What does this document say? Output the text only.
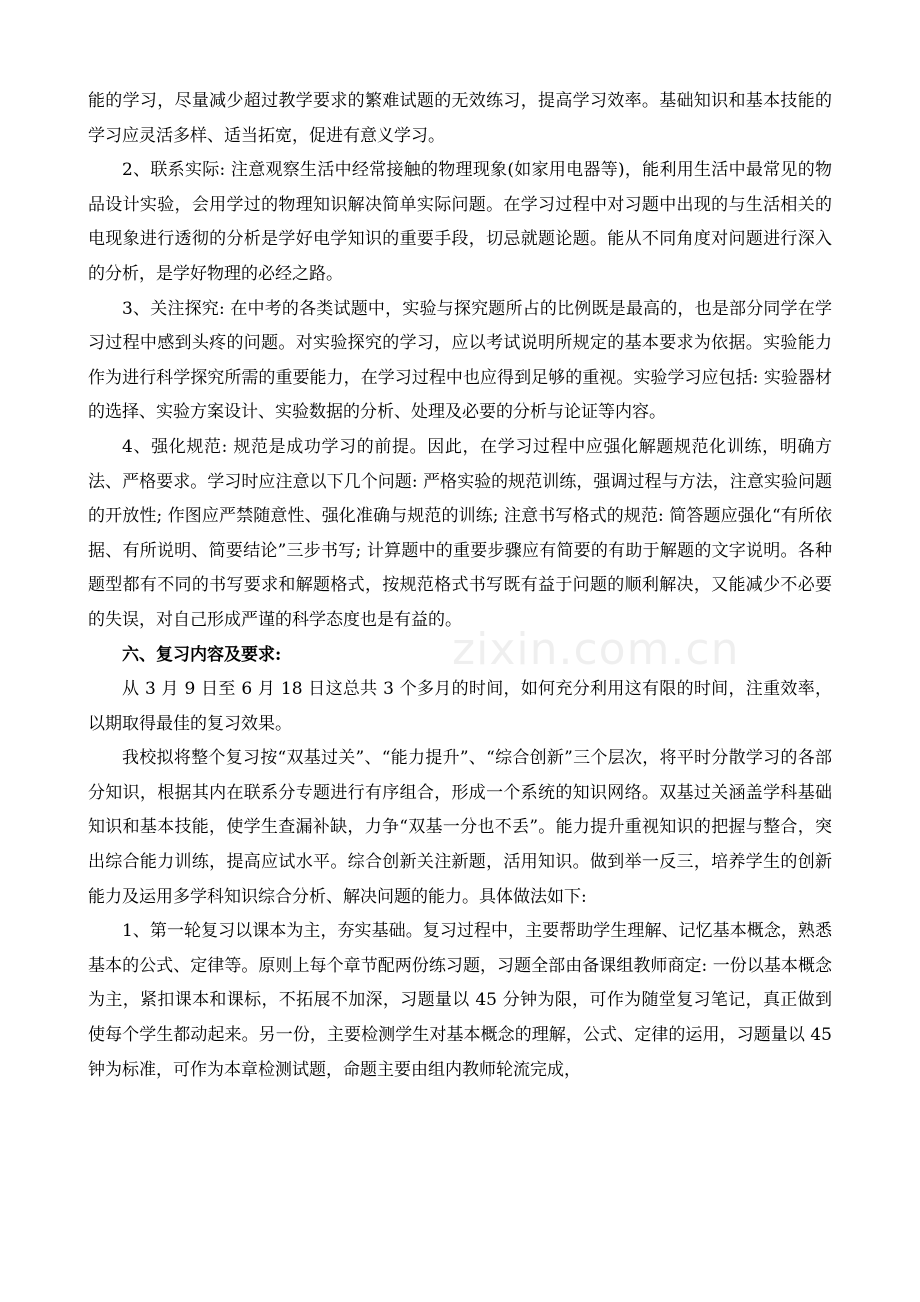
能的学习，尽量减少超过教学要求的繁难试题的无效练习，提高学习效率。基础知识和基本技能的学习应灵活多样、适当拓宽，促进有意义学习。

2、联系实际: 注意观察生活中经常接触的物理现象(如家用电器等)，能利用生活中最常见的物品设计实验，会用学过的物理知识解决简单实际问题。在学习过程中对习题中出现的与生活相关的电现象进行透彻的分析是学好电学知识的重要手段，切忌就题论题。能从不同角度对问题进行深入的分析，是学好物理的必经之路。

3、关注探究: 在中考的各类试题中，实验与探究题所占的比例既是最高的，也是部分同学在学习过程中感到头疼的问题。对实验探究的学习，应以考试说明所规定的基本要求为依据。实验能力作为进行科学探究所需的重要能力，在学习过程中也应得到足够的重视。实验学习应包括: 实验器材的选择、实验方案设计、实验数据的分析、处理及必要的分析与论证等内容。

4、强化规范: 规范是成功学习的前提。因此，在学习过程中应强化解题规范化训练，明确方法、严格要求。学习时应注意以下几个问题: 严格实验的规范训练，强调过程与方法，注意实验问题的开放性; 作图应严禁随意性、强化准确与规范的训练; 注意书写格式的规范: 简答题应强化“有所依据、有所说明、简要结论”三步书写; 计算题中的重要步骤应有简要的有助于解题的文字说明。各种题型都有不同的书写要求和解题格式，按规范格式书写既有益于问题的顺利解决，又能减少不必要的失误，对自己形成严谨的科学态度也是有益的。

六、复习内容及要求:

从 3 月 9 日至 6 月 18 日这总共 3 个多月的时间，如何充分利用这有限的时间，注重效率，以期取得最佳的复习效果。

我校拟将整个复习按“双基过关”、“能力提升”、“综合创新”三个层次，将平时分散学习的各部分知识，根据其内在联系分专题进行有序组合，形成一个系统的知识网络。双基过关涵盖学科基础知识和基本技能，使学生查漏补缺，力争“双基一分也不丢”。能力提升重视知识的把握与整合，突出综合能力训练，提高应试水平。综合创新关注新题，活用知识。做到举一反三，培养学生的创新能力及运用多学科知识综合分析、解决问题的能力。具体做法如下:

1、第一轮复习以课本为主，夯实基础。复习过程中，主要帮助学生理解、记忆基本概念，熟悉基本的公式、定律等。原则上每个章节配两份练习题，习题全部由备课组教师商定: 一份以基本概念为主，紧扣课本和课标，不拓展不加深，习题量以 45 分钟为限，可作为随堂复习笔记，真正做到使每个学生都动起来。另一份，主要检测学生对基本概念的理解，公式、定律的运用，习题量以 45 钟为标准，可作为本章检测试题，命题主要由组内教师轮流完成，

zixin.com.cn
